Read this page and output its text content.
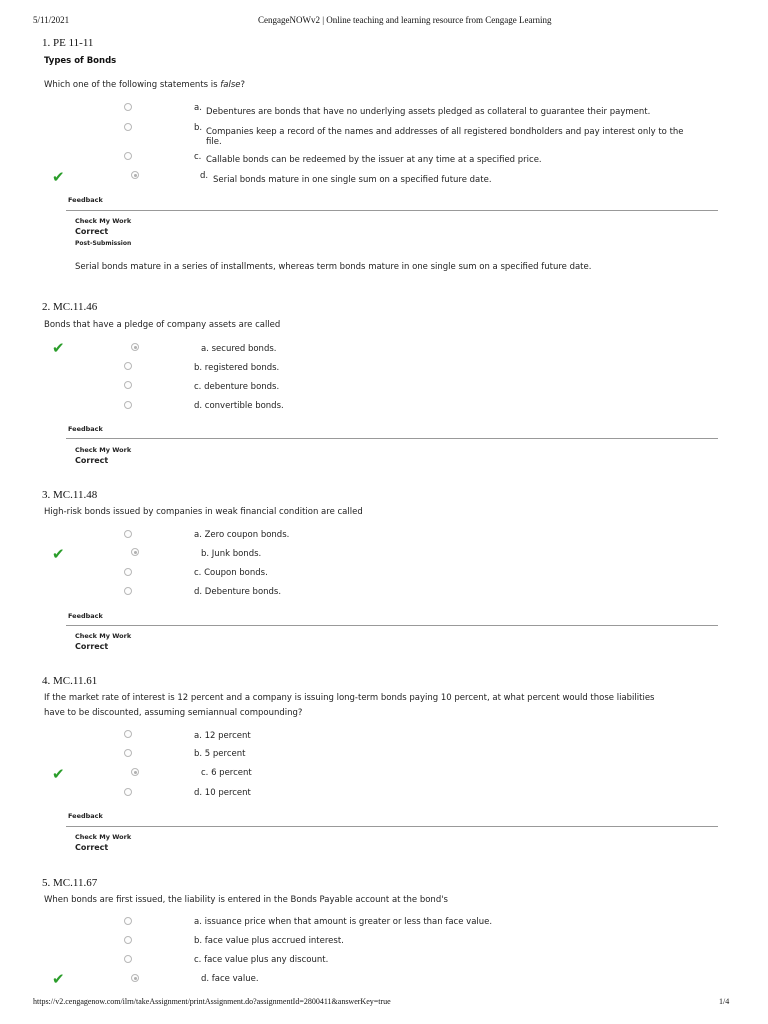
5/11/2021	CengageNOWv2 | Online teaching and learning resource from Cengage Learning
1. PE 11-11
Types of Bonds
Which one of the following statements is false?
a. Debentures are bonds that have no underlying assets pledged as collateral to guarantee their payment.
b. Companies keep a record of the names and addresses of all registered bondholders and pay interest only to the
file.
c. Callable bonds can be redeemed by the issuer at any time at a specified price.
✔	d. Serial bonds mature in one single sum on a specified future date.
Feedback
Check My Work
Correct
Post-Submission
Serial bonds mature in a series of installments, whereas term bonds mature in one single sum on a specified future date.
2. MC.11.46
Bonds that have a pledge of company assets are called
✔	a. secured bonds.
b. registered bonds.
c. debenture bonds.
d. convertible bonds.
Feedback
Check My Work
Correct
3. MC.11.48
High-risk bonds issued by companies in weak financial condition are called
a. Zero coupon bonds.
✔	b. Junk bonds.
c. Coupon bonds.
d. Debenture bonds.
Feedback
Check My Work
Correct
4. MC.11.61
If the market rate of interest is 12 percent and a company is issuing long-term bonds paying 10 percent, at what percent would those liabilities
have to be discounted, assuming semiannual compounding?
a. 12 percent
b. 5 percent
✔	c. 6 percent
d. 10 percent
Feedback
Check My Work
Correct
5. MC.11.67
When bonds are first issued, the liability is entered in the Bonds Payable account at the bond's
a. issuance price when that amount is greater or less than face value.
b. face value plus accrued interest.
c. face value plus any discount.
✔	d. face value.
https://v2.cengagenow.com/ilrn/takeAssignment/printAssignment.do?assignmentId=2800411&answerKey=true	1/4
